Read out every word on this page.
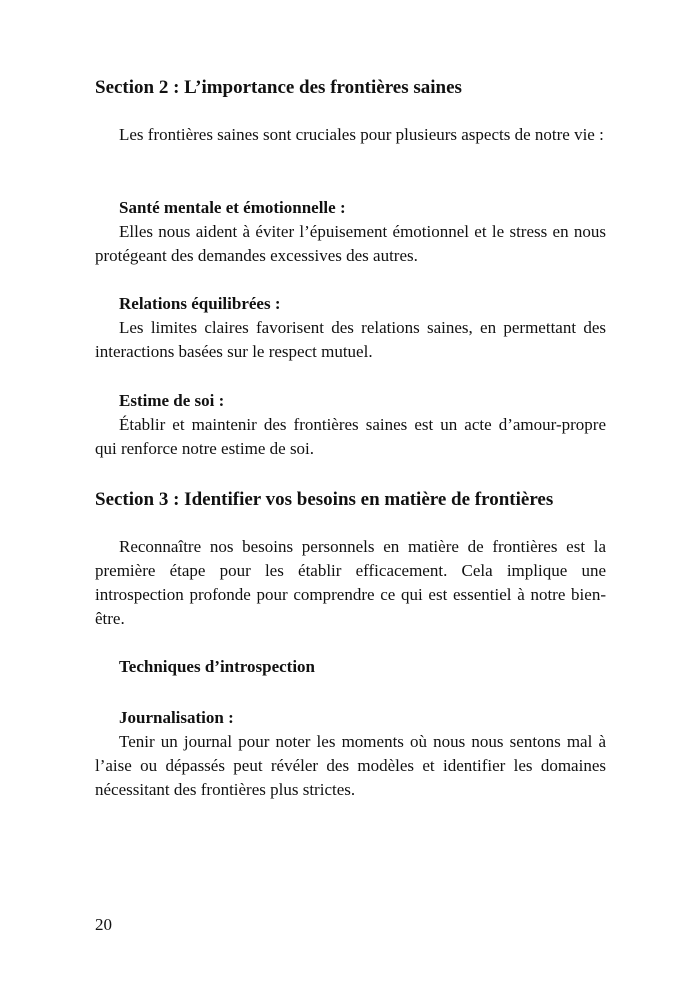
Section 2 : L’importance des frontières saines

Les frontières saines sont cruciales pour plusieurs aspects de notre vie :

Santé mentale et émotionnelle :

Elles nous aident à éviter l’épuisement émotionnel et le stress en nous protégeant des demandes excessives des autres.

Relations équilibrées :

Les limites claires favorisent des relations saines, en permettant des interactions basées sur le respect mutuel.

Estime de soi :

Établir et maintenir des frontières saines est un acte d’amour-propre qui renforce notre estime de soi.

Section 3 : Identifier vos besoins en matière de frontières

Reconnaître nos besoins personnels en matière de frontières est la première étape pour les établir efficacement. Cela implique une introspection profonde pour comprendre ce qui est essentiel à notre bien-être.

Techniques d’introspection

Journalisation :

Tenir un journal pour noter les moments où nous nous sentons mal à l’aise ou dépassés peut révéler des modèles et identifier les domaines nécessitant des frontières plus strictes.

20
